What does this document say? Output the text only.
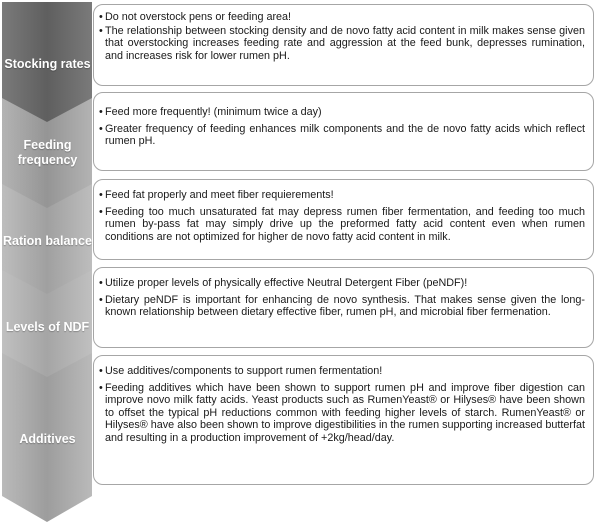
Stocking rates
Feeding frequency
Ration balance
Levels of NDF
Additives
• Do not overstock pens or feeding area!
• The relationship between stocking density and de novo fatty acid content in milk makes sense given that overstocking increases feeding rate and aggression at the feed bunk, depresses rumination, and increases risk for lower rumen pH.
• Feed more frequently! (minimum twice a day)
• Greater frequency of feeding enhances milk components and the de novo fatty acids which reflect rumen pH.
• Feed fat properly and meet fiber requierements!
• Feeding too much unsaturated fat may depress rumen fiber fermentation, and feeding too much rumen by-pass fat may simply drive up the preformed fatty acid content even when rumen conditions are not optimized for higher de novo fatty acid content in milk.
• Utilize proper levels of physically effective Neutral Detergent Fiber (peNDF)!
• Dietary peNDF is important for enhancing de novo synthesis. That makes sense given the long-known relationship between dietary effective fiber, rumen pH, and microbial fiber fermenation.
• Use additives/components to support rumen fermentation!
• Feeding additives which have been shown to support rumen pH and improve fiber digestion can improve novo milk fatty acids. Yeast products such as RumenYeast® or Hilyses® have been shown to offset the typical pH reductions common with feeding higher levels of starch. RumenYeast® or Hilyses® have also been shown to improve digestibilities in the rumen supporting increased butterfat and resulting in a production improvement of +2kg/head/day.
